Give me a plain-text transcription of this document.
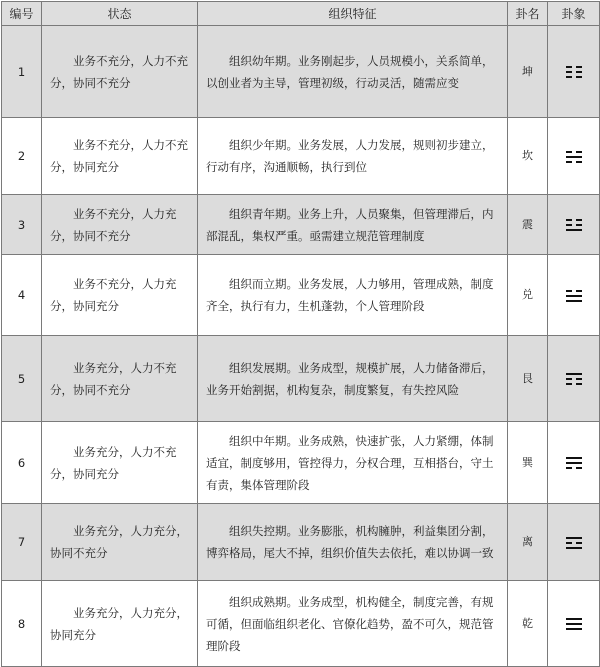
编号	状态	组织特征	卦名	卦象
1	业务不充分，人力不充分，协同不充分	组织幼年期。业务刚起步，人员规模小，关系简单，以创业者为主导，管理初级，行动灵活，随需应变	坤	

2	业务不充分，人力不充分，协同充分	组织少年期。业务发展，人力发展，规则初步建立，行动有序，沟通顺畅，执行到位	坎	

3	业务不充分，人力充分，协同不充分	组织青年期。业务上升，人员聚集，但管理滞后，内部混乱，集权严重。亟需建立规范管理制度	震	

4	业务不充分，人力充分，协同充分	组织而立期。业务发展，人力够用，管理成熟，制度齐全，执行有力，生机蓬勃，个人管理阶段	兑	

5	业务充分，人力不充分，协同不充分	组织发展期。业务成型，规模扩展，人力储备滞后，业务开始割据，机构复杂，制度繁复，有失控风险	艮	

6	业务充分，人力不充分，协同充分	组织中年期。业务成熟，快速扩张，人力紧绷，体制适宜，制度够用，管控得力，分权合理，互相搭台，守土有责，集体管理阶段	巽	

7	业务充分，人力充分，协同不充分	组织失控期。业务膨胀，机构臃肿，利益集团分割，博弈格局，尾大不掉，组织价值失去依托，难以协调一致	离	

8	业务充分，人力充分，协同充分	组织成熟期。业务成型，机构健全，制度完善，有规可循，但面临组织老化、官僚化趋势，盈不可久，规范管理阶段	乾	
